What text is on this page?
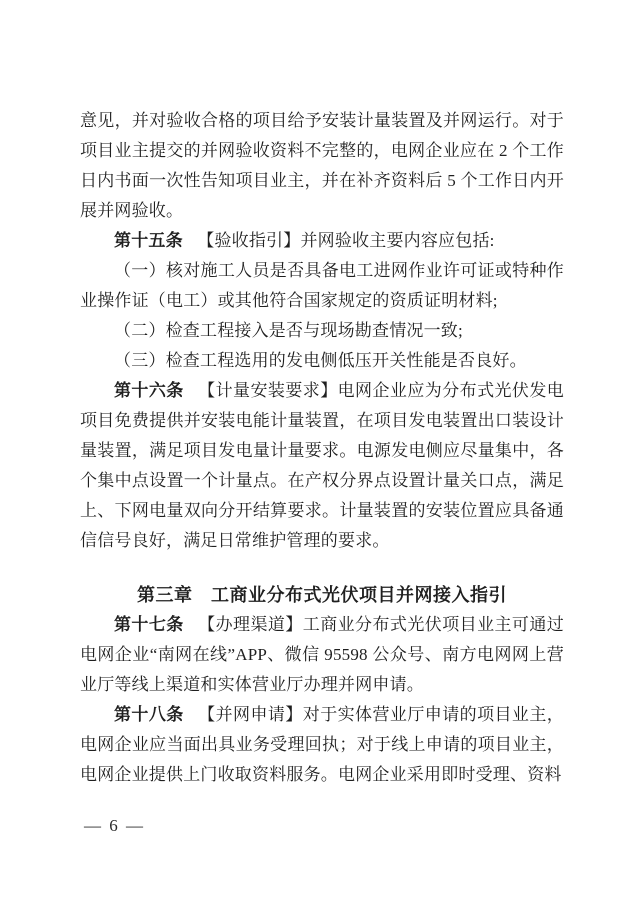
意见，并对验收合格的项目给予安装计量装置及并网运行。对于项目业主提交的并网验收资料不完整的，电网企业应在 2 个工作日内书面一次性告知项目业主，并在补齐资料后 5 个工作日内开展并网验收。

第十五条 【验收指引】并网验收主要内容应包括:

（一）核对施工人员是否具备电工进网作业许可证或特种作业操作证（电工）或其他符合国家规定的资质证明材料;

（二）检查工程接入是否与现场勘查情况一致;

（三）检查工程选用的发电侧低压开关性能是否良好。

第十六条 【计量安装要求】电网企业应为分布式光伏发电项目免费提供并安装电能计量装置，在项目发电装置出口装设计量装置，满足项目发电量计量要求。电源发电侧应尽量集中，各个集中点设置一个计量点。在产权分界点设置计量关口点，满足上、下网电量双向分开结算要求。计量装置的安装位置应具备通信信号良好，满足日常维护管理的要求。

第三章　工商业分布式光伏项目并网接入指引

第十七条 【办理渠道】工商业分布式光伏项目业主可通过电网企业“南网在线”APP、微信 95598 公众号、南方电网网上营业厅等线上渠道和实体营业厅办理并网申请。

第十八条 【并网申请】对于实体营业厅申请的项目业主，电网企业应当面出具业务受理回执；对于线上申请的项目业主，电网企业提供上门收取资料服务。电网企业采用即时受理、资料

— 6 —
